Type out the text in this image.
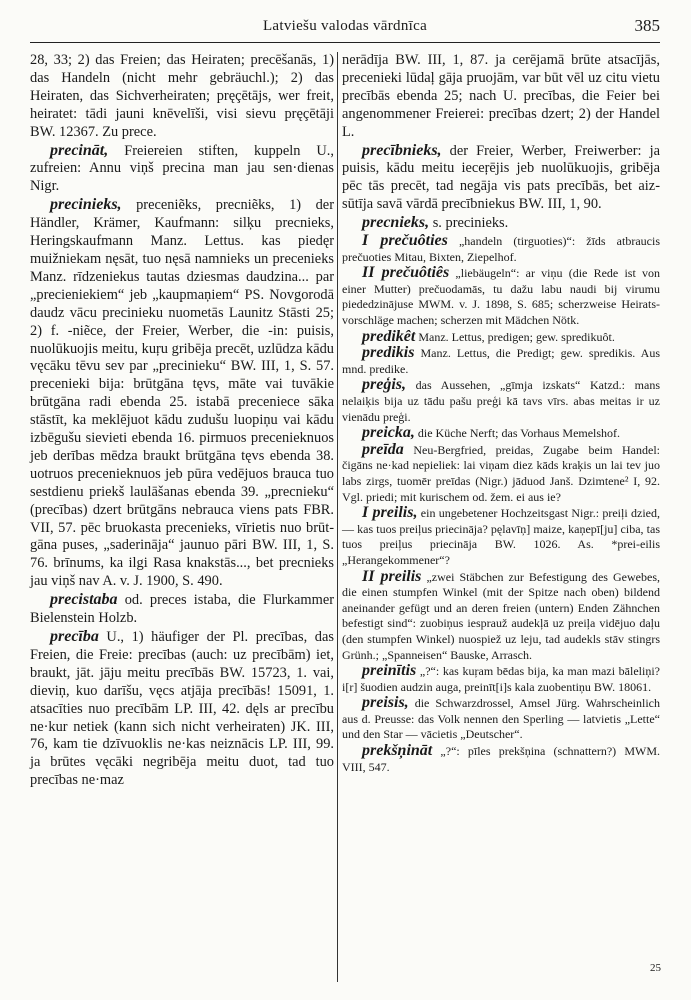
Latviešu valodas vārdnīca	385

28, 33; 2) das Freien; das Heiraten; precēšanās, 1) das Handeln (nicht mehr gebräuchl.); 2) das Heiraten, das Sichverheiraten; pręçētājs, wer freit, heiratet: tādi jauni knēvelīši, visi sievu pręçētāji BW. 12367. Zu prece.

precināt, Freiereien stiften, kuppeln U., zufreien: Annu viņš precina man jau sen·dienas Nigr.

precinieks, preceniẽks, precniẽks, 1) der Händler, Krämer, Kaufmann: silķu precnieks, Heringskaufmann Manz. Lettus. kas piedęr muižniekam nęsāt, tuo nęsā namnieks un precenieks Manz. rīdzeniekus tautas dziesmas daudzina... par „precieniekiem“ jeb „kaupmaņiem“ PS. Novgorodā daudz vācu precinieku nuometās Launitz Stāsti 25; 2) f. -niẽce, der Freier, Werber, die -in: puisis, nuolūkuojis meitu, kuŗu gribēja precēt, uzlūdza kādu vęcāku tēvu sev par „precinieku“ BW. III, 1, S. 57. precenieki bija: brūtgāna tęvs, māte vai tuvākie brūtgāna radi ebenda 25. istabā preceniece sāka stāstīt, ka meklējuot kādu zudušu luopiņu vai kādu izbēgušu sievieti ebenda 16. pirmuos precenieknuos jeb derības mēdza braukt brūtgāna tęvs ebenda 38. uotruos precenieknuos jeb pūra vedējuos brauca tuo sestdienu priekš laulāšanas ebenda 39. „precnieku“ (precības) dzert brūtgāns nebrauca viens pats FBR. VII, 57. pēc bruokasta precenieks, vīrietis nuo brūtgāna puses, „saderināja“ jaunuo pāri BW. III, 1, S. 76. brīnums, ka ilgi Rasa knakstās..., bet precnieks jau viņš nav A. v. J. 1900, S. 490.

precistaba od. preces istaba, die Flurkammer Bielenstein Holzb.

precība U., 1) häufiger der Pl. precības, das Freien, die Freie: precības (auch: uz precībām) iet, braukt, jāt. jāju meitu precībās BW. 15723, 1. vai, dieviņ, kuo darīšu, vęcs atjāja precībās! 15091, 1. atsacīties nuo precībām LP. III, 42. dęls ar precību ne·kur netiek (kann sich nicht verheiraten) JK. III, 76, kam tie dzīvuoklis ne·kas neiznācis LP. III, 99. ja brūtes vęcāki negribēja meitu duot, tad tuo precības ne·maz

nerādīja BW. III, 1, 87. ja cerējamā brūte atsacījās, precenieki lūdaļ gāja pruojām, var būt vēl uz citu vietu precībās ebenda 25; nach U. precības, die Feier bei angenommener Freierei: precības dzert; 2) der Handel L.

precībnieks, der Freier, Werber, Freiwerber: ja puisis, kādu meitu ieceŗējis jeb nuolūkuojis, gribēja pēc tās precēt, tad negāja vis pats precībās, bet aizsūtīja savā vārdā precībniekus BW. III, 1, 90.

precnieks, s. precinieks.

I prečuôties „handeln (tirguoties)“: žīds atbraucis prečuoties Mitau, Bixten, Ziepelhof.

II prečuôtiês „liebäugeln“: ar viņu (die Rede ist von einer Mutter) prečuodamās, tu dažu labu naudi bij virumu piededzinājuse MWM. v. J. 1898, S. 685; scherzweise Heiratsvorschläge machen; scherzen mit Mädchen Nötk.

predikêt Manz. Lettus, predigen; gew. spredikuôt.

predikis Manz. Lettus, die Predigt; gew. spredikis. Aus mnd. predike.

preģis, das Aussehen, „gīmja izskats“ Katzd.: mans nelaiķis bija uz tādu pašu preģi kā tavs vīrs. abas meitas ir uz vienādu preģi.

preicka, die Küche Nerft; das Vorhaus Memelshof.

preīda Neu-Bergfried, preidas, Zugabe beim Handel: čigāns ne·kad nepieliek: lai viņam diez kāds kraķis un lai tev juo labs zirgs, tuomēr preīdas (Nigr.) jāduod Janš. Dzimtene² I, 92. Vgl. priedi; mit kurischem od. žem. ei aus ie?

I preilis, ein ungebetener Hochzeitsgast Nigr.: preiļi dzied, — kas tuos preiļus priecināja? pęlavīņ] maize, kaņepī[ju] ciba, tas tuos preiļus priecināja BW. 1026. As. *prei-eilis „Herangekommener“?

II preilis „zwei Stäbchen zur Befestigung des Gewebes, die einen stumpfen Winkel (mit der Spitze nach oben) bildend aneinander gefügt und an deren freien (untern) Enden Zähnchen befestigt sind“: zuobiņus iesprauž audekļā uz preiļa vidējuo daļu (den stumpfen Winkel) nuospiež uz leju, tad audekls stāv stingrs Grünh.; „Spanneisen“ Bauske, Arrasch.

preinītis „?“: kas kuŗam bēdas bija, ka man mazi bāleliņi? i[r] šuodien audzin auga, preinīt[i]s kala zuobentiņu BW. 18061.

preisis, die Schwarzdrossel, Amsel Jürg. Wahrscheinlich aus d. Preusse: das Volk nennen den Sperling — latvietis „Lette“ und den Star — vācietis „Deutscher“.

prekšņināt „?“: pīles prekšņina (schnattern?) MWM. VIII, 547.

25
